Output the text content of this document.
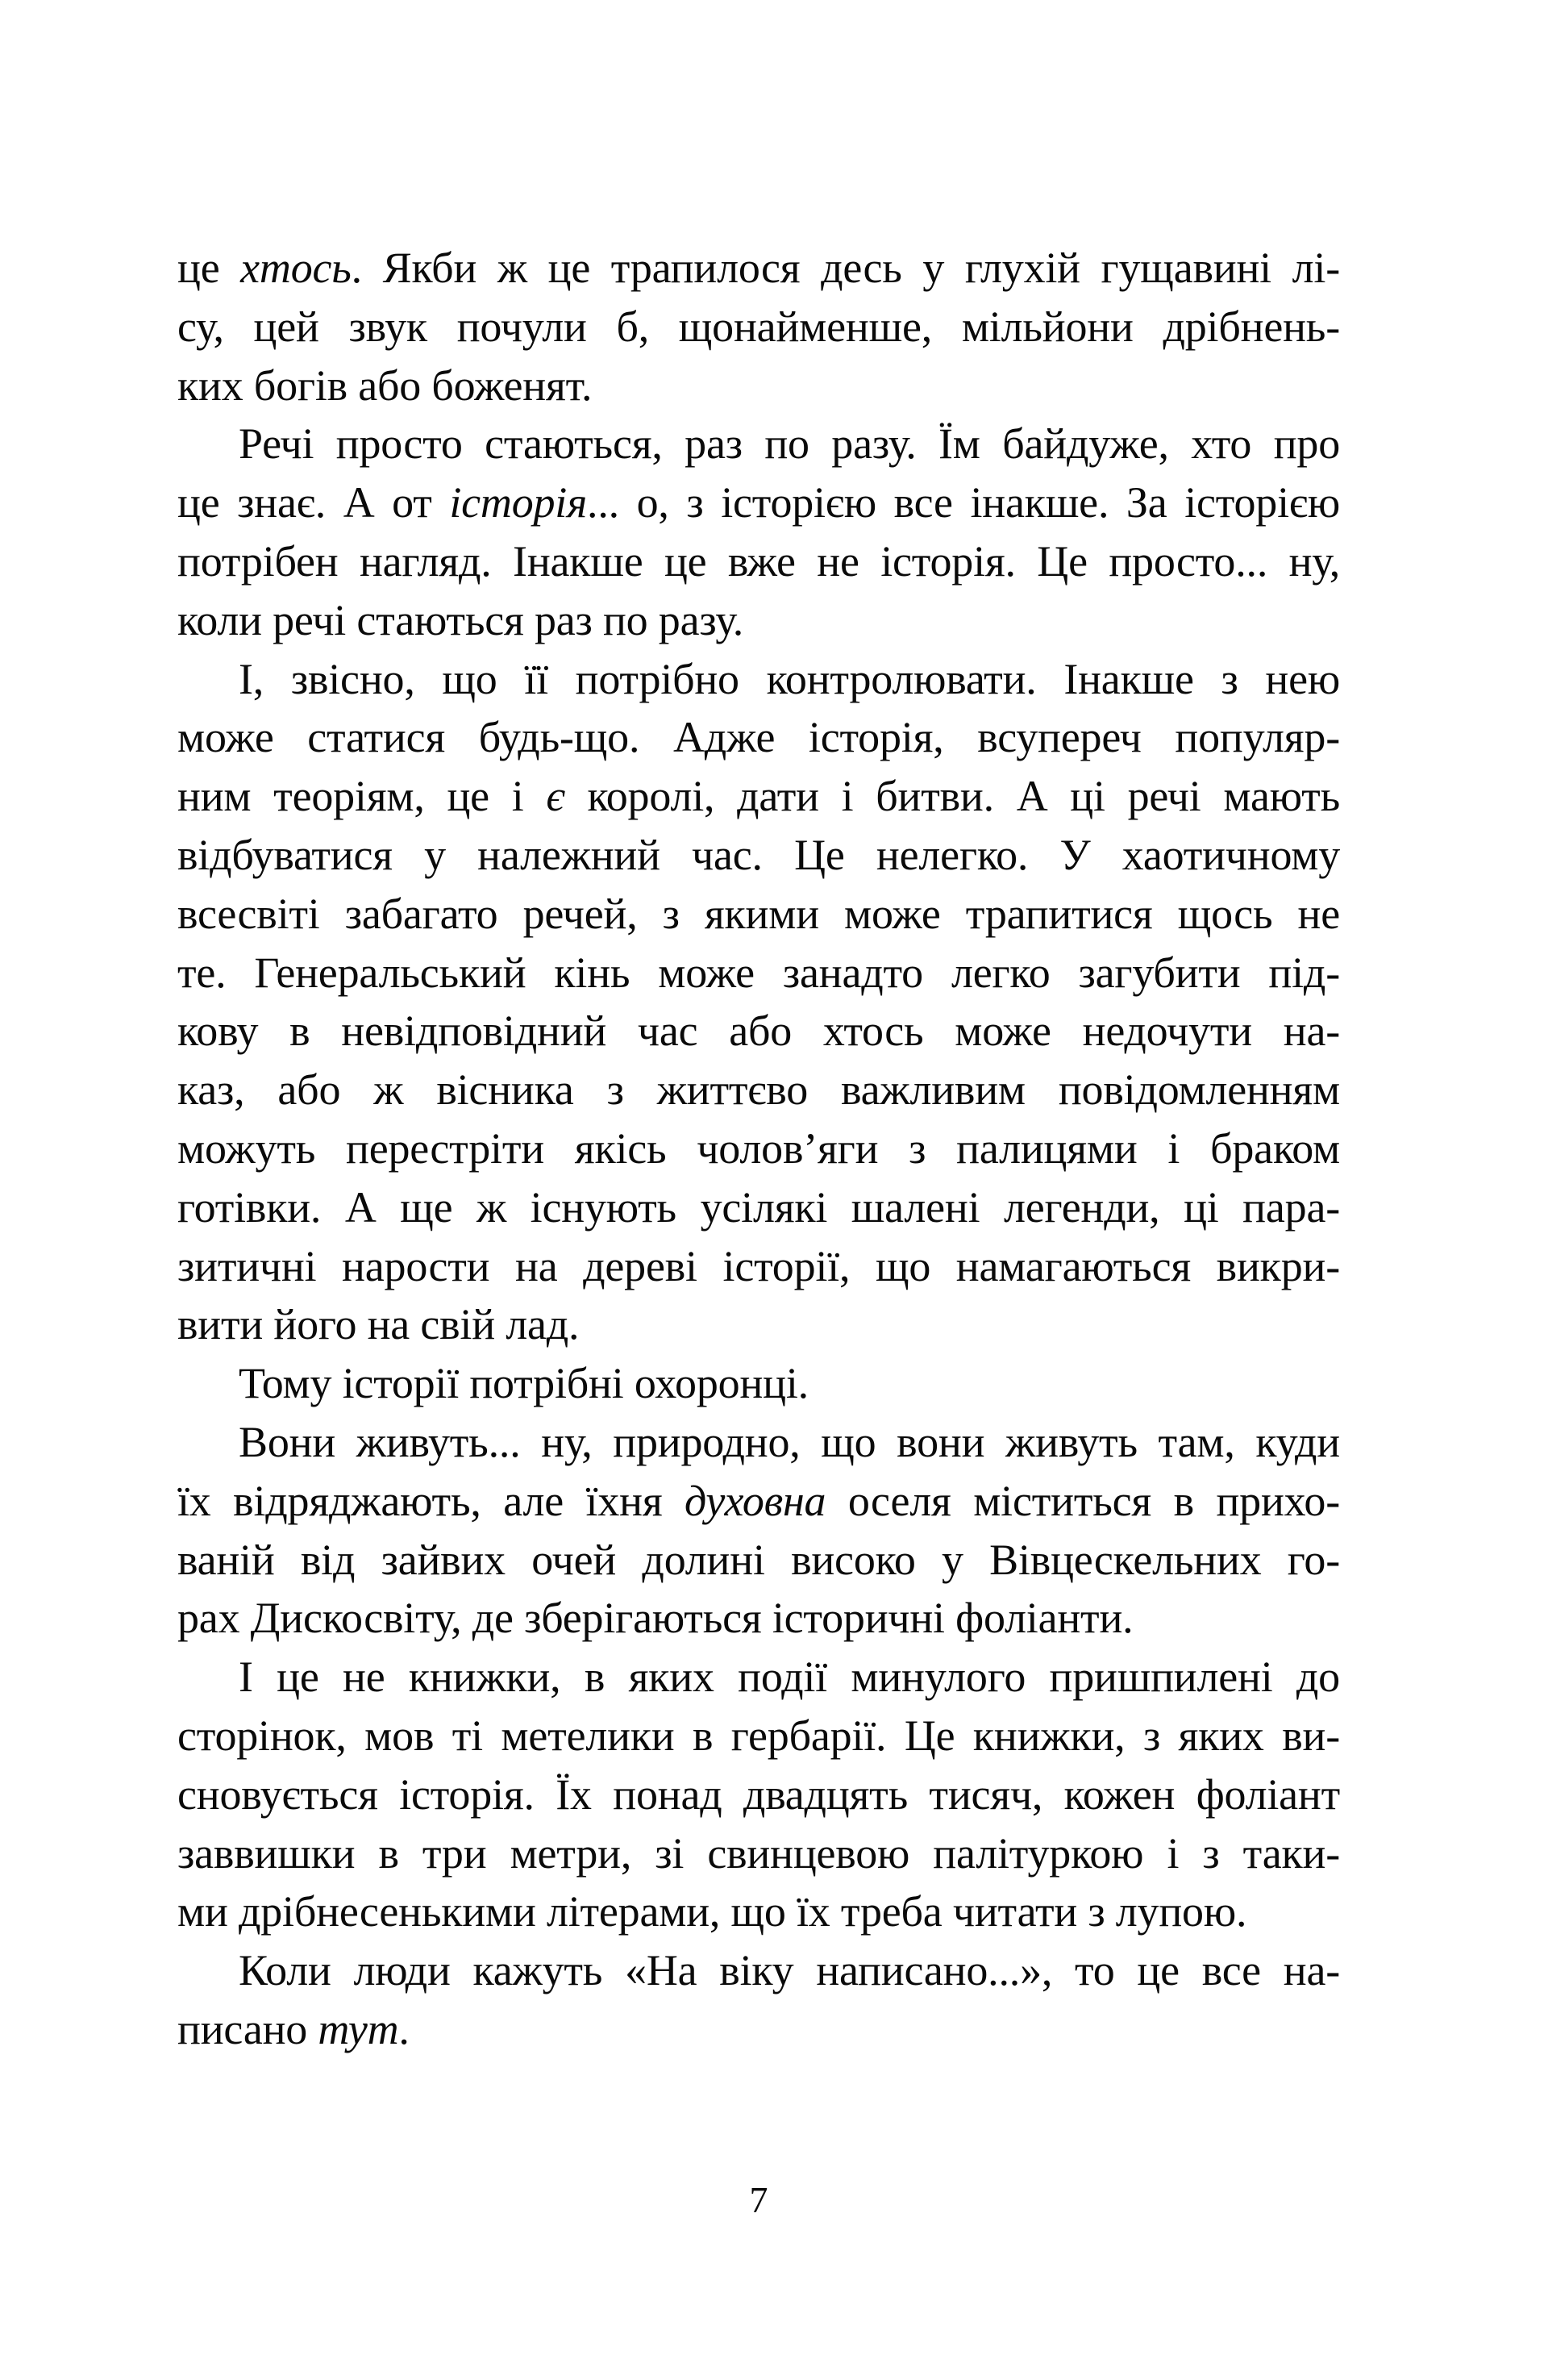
це хтось. Якби ж це трапилося десь у глухій гущавині лі-
су, цей звук почули б, щонайменше, мільйони дрібнень-
ких богів або боженят.
Речі просто стаються, раз по разу. Їм байдуже, хто про
це знає. А от історія... о, з історією все інакше. За історією
потрібен нагляд. Інакше це вже не історія. Це просто... ну,
коли речі стаються раз по разу.
І, звісно, що її потрібно контролювати. Інакше з нею
може статися будь-що. Адже історія, всупереч популяр-
ним теоріям, це і є королі, дати і битви. А ці речі мають
відбуватися у належний час. Це нелегко. У хаотичному
всесвіті забагато речей, з якими може трапитися щось не
те. Генеральський кінь може занадто легко загубити під-
кову в невідповідний час або хтось може недочути на-
каз, або ж вісника з життєво важливим повідомленням
можуть перестріти якісь чолов’яги з палицями і браком
готівки. А ще ж існують усілякі шалені легенди, ці пара-
зитичні нарости на дереві історії, що намагаються викри-
вити його на свій лад.
Тому історії потрібні охоронці.
Вони живуть... ну, природно, що вони живуть там, куди
їх відряджають, але їхня духовна оселя міститься в прихо-
ваній від зайвих очей долині високо у Вівцескельних го-
рах Дискосвіту, де зберігаються історичні фоліанти.
І це не книжки, в яких події минулого пришпилені до
сторінок, мов ті метелики в гербарії. Це книжки, з яких ви-
сновується історія. Їх понад двадцять тисяч, кожен фоліант
заввишки в три метри, зі свинцевою палітуркою і з таки-
ми дрібнесенькими літерами, що їх треба читати з лупою.
Коли люди кажуть «На віку написано...», то це все на-
писано тут.
7
